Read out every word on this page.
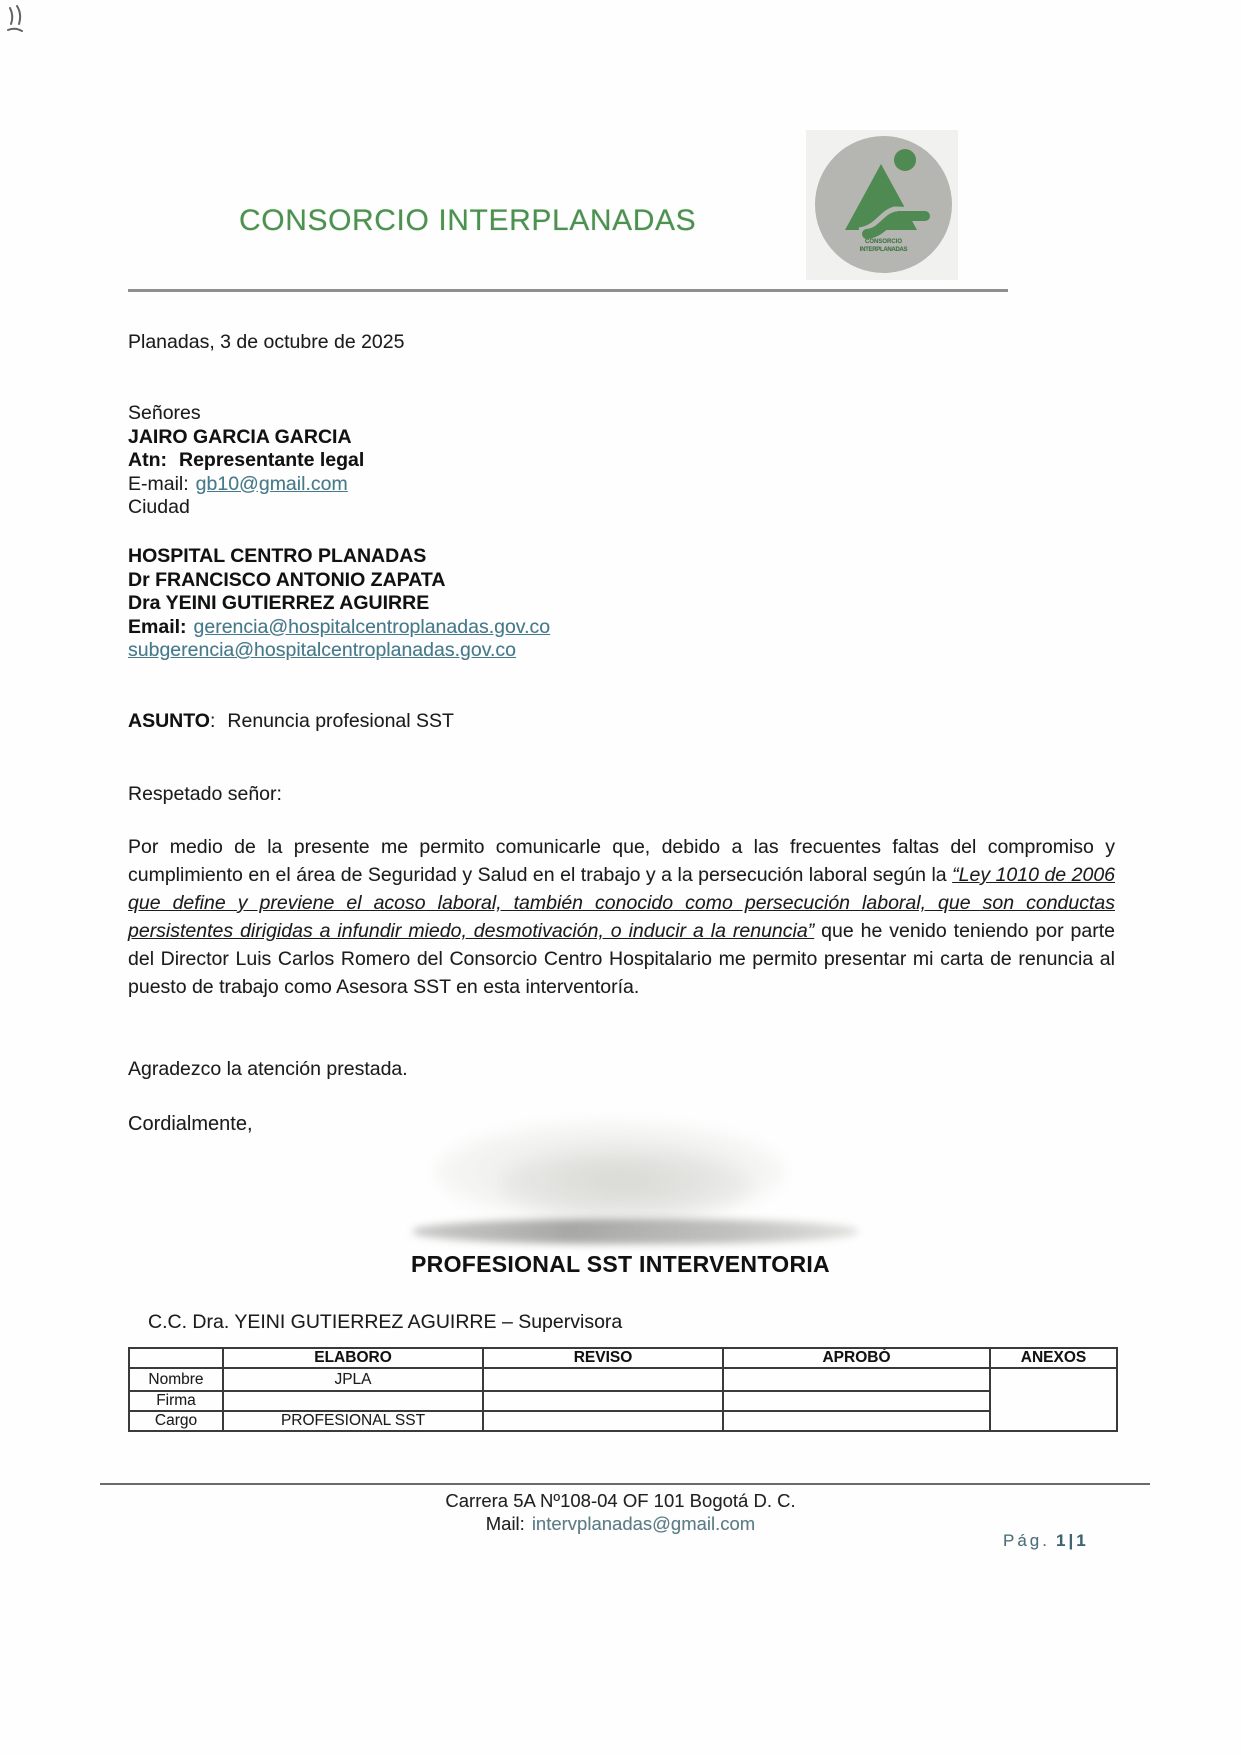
CONSORCIO INTERPLANADAS
CONSORCIO
INTERPLANADAS
Planadas, 3 de octubre de 2025
Señores
JAIRO GARCIA GARCIA
Atn: Representante legal
E-mail: gb10@gmail.com
Ciudad
HOSPITAL CENTRO PLANADAS
Dr FRANCISCO ANTONIO ZAPATA
Dra YEINI GUTIERREZ AGUIRRE
Email: gerencia@hospitalcentroplanadas.gov.co
subgerencia@hospitalcentroplanadas.gov.co
ASUNTO: Renuncia profesional SST
Respetado señor:
Por medio de la presente me permito comunicarle que, debido a las frecuentes faltas del compromiso y cumplimiento en el área de Seguridad y Salud en el trabajo y a la persecución laboral según la “Ley 1010 de 2006 que define y previene el acoso laboral, también conocido como persecución laboral, que son conductas persistentes dirigidas a infundir miedo, desmotivación, o inducir a la renuncia” que he venido teniendo por parte del Director Luis Carlos Romero del Consorcio Centro Hospitalario me permito presentar mi carta de renuncia al puesto de trabajo como Asesora SST en esta interventoría.
Agradezco la atención prestada.
Cordialmente,
PROFESIONAL SST INTERVENTORIA
C.C. Dra. YEINI GUTIERREZ AGUIRRE – Supervisora
	ELABORO	REVISO	APROBÓ	ANEXOS
Nombre	JPLA			
Firma				
Cargo	PROFESIONAL SST			
Carrera 5A Nº108-04 OF 101 Bogotá D. C.
Mail: intervplanadas@gmail.com
Pág. 1|1
